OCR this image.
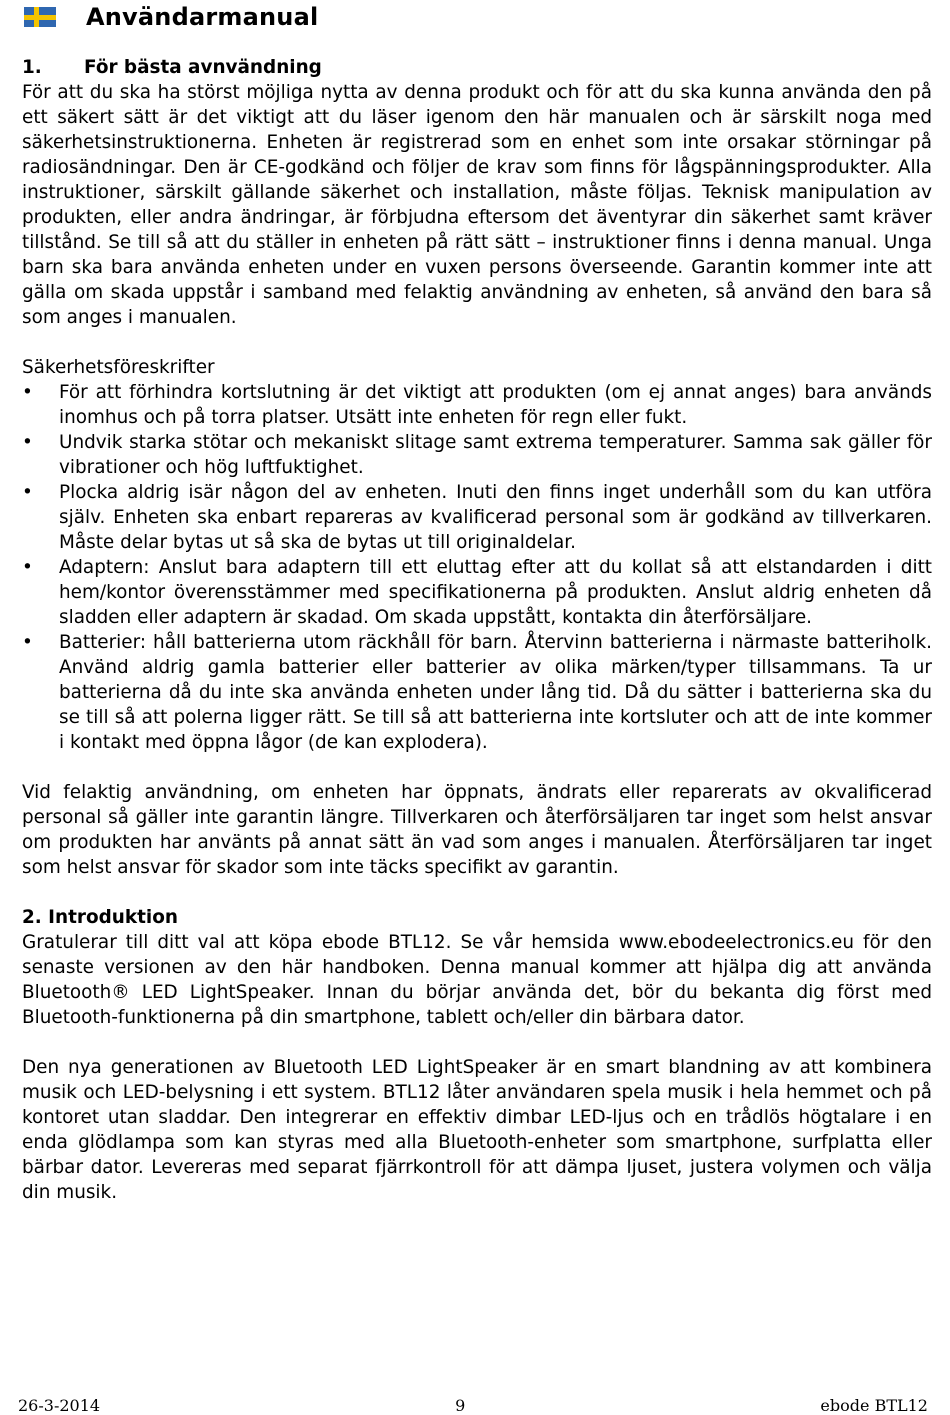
Användarmanual
1. För bästa avnvändning

För att du ska ha störst möjliga nytta av denna produkt och för att du ska kunna använda den på ett säkert sätt är det viktigt att du läser igenom den här manualen och är särskilt noga med säkerhetsinstruktionerna. Enheten är registrerad som en enhet som inte orsakar störningar på radiosändningar. Den är CE-godkänd och följer de krav som finns för lågspänningsprodukter. Alla instruktioner, särskilt gällande säkerhet och installation, måste följas. Teknisk manipulation av produkten, eller andra ändringar, är förbjudna eftersom det äventyrar din säkerhet samt kräver tillstånd. Se till så att du ställer in enheten på rätt sätt – instruktioner finns i denna manual. Unga barn ska bara använda enheten under en vuxen persons överseende. Garantin kommer inte att gälla om skada uppstår i samband med felaktig användning av enheten, så använd den bara så som anges i manualen.

Säkerhetsföreskrifter

• För att förhindra kortslutning är det viktigt att produkten (om ej annat anges) bara används inomhus och på torra platser. Utsätt inte enheten för regn eller fukt.
• Undvik starka stötar och mekaniskt slitage samt extrema temperaturer. Samma sak gäller för vibrationer och hög luftfuktighet.
• Plocka aldrig isär någon del av enheten. Inuti den finns inget underhåll som du kan utföra själv. Enheten ska enbart repareras av kvalificerad personal som är godkänd av tillverkaren. Måste delar bytas ut så ska de bytas ut till originaldelar.
• Adaptern: Anslut bara adaptern till ett eluttag efter att du kollat så att elstandarden i ditt hem/kontor överensstämmer med specifikationerna på produkten. Anslut aldrig enheten då sladden eller adaptern är skadad. Om skada uppstått, kontakta din återförsäljare.
• Batterier: håll batterierna utom räckhåll för barn. Återvinn batterierna i närmaste batteriholk. Använd aldrig gamla batterier eller batterier av olika märken/typer tillsammans. Ta ur batterierna då du inte ska använda enheten under lång tid. Då du sätter i batterierna ska du se till så att polerna ligger rätt. Se till så att batterierna inte kortsluter och att de inte kommer i kontakt med öppna lågor (de kan explodera).

Vid felaktig användning, om enheten har öppnats, ändrats eller reparerats av okvalificerad personal så gäller inte garantin längre. Tillverkaren och återförsäljaren tar inget som helst ansvar om produkten har använts på annat sätt än vad som anges i manualen. Återförsäljaren tar inget som helst ansvar för skador som inte täcks specifikt av garantin.

2. Introduktion

Gratulerar till ditt val att köpa ebode BTL12. Se vår hemsida www.ebodeelectronics.eu för den senaste versionen av den här handboken. Denna manual kommer att hjälpa dig att använda Bluetooth® LED LightSpeaker. Innan du börjar använda det, bör du bekanta dig först med Bluetooth-funktionerna på din smartphone, tablett och/eller din bärbara dator.

Den nya generationen av Bluetooth LED LightSpeaker är en smart blandning av att kombinera musik och LED-belysning i ett system. BTL12 låter användaren spela musik i hela hemmet och på kontoret utan sladdar. Den integrerar en effektiv dimbar LED-ljus och en trådlös högtalare i en enda glödlampa som kan styras med alla Bluetooth-enheter som smartphone, surfplatta eller bärbar dator. Levereras med separat fjärrkontroll för att dämpa ljuset, justera volymen och välja din musik.

26-3-2014	9	ebode BTL12
